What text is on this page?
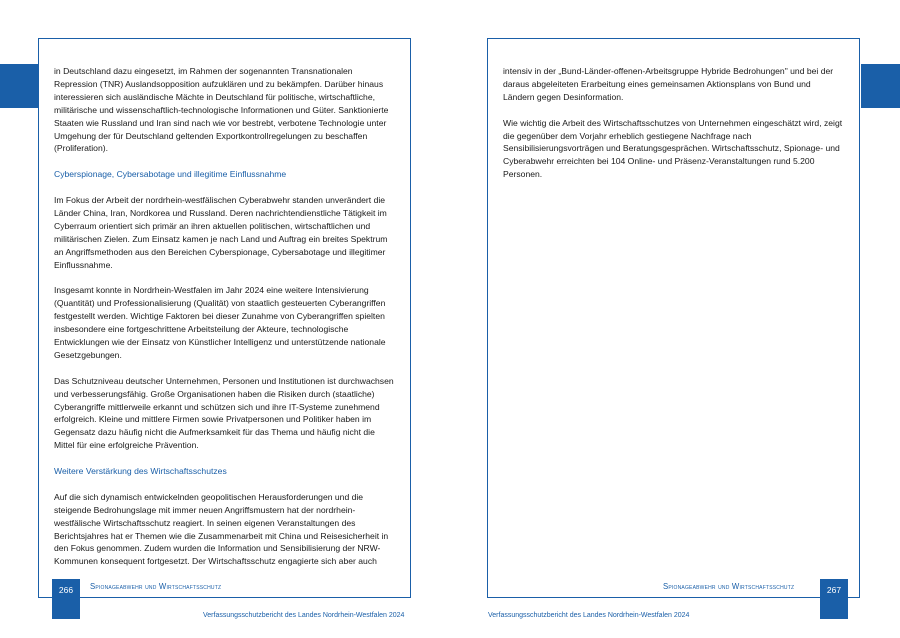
in Deutschland dazu eingesetzt, im Rahmen der sogenannten Transnationalen Repression (TNR) Auslandsopposition aufzuklären und zu bekämpfen. Darüber hinaus interessieren sich ausländische Mächte in Deutschland für politische, wirtschaftliche, militärische und wissenschaftlich-technologische Informationen und Güter. Sanktionierte Staaten wie Russland und Iran sind nach wie vor bestrebt, verbotene Technologie unter Umgehung der für Deutschland geltenden Exportkontrollregelungen zu beschaffen (Proliferation).

Cyberspionage, Cybersabotage und illegitime Einflussnahme

Im Fokus der Arbeit der nordrhein-westfälischen Cyberabwehr standen unverändert die Länder China, Iran, Nordkorea und Russland. Deren nachrichtendienstliche Tätigkeit im Cyberraum orientiert sich primär an ihren aktuellen politischen, wirtschaftlichen und militärischen Zielen. Zum Einsatz kamen je nach Land und Auftrag ein breites Spektrum an Angriffsmethoden aus den Bereichen Cyberspionage, Cybersabotage und illegitimer Einflussnahme.

Insgesamt konnte in Nordrhein-Westfalen im Jahr 2024 eine weitere Intensivierung (Quantität) und Professionalisierung (Qualität) von staatlich gesteuerten Cyberangriffen festgestellt werden. Wichtige Faktoren bei dieser Zunahme von Cyberangriffen spielten insbesondere eine fortgeschrittene Arbeitsteilung der Akteure, technologische Entwicklungen wie der Einsatz von Künstlicher Intelligenz und unterstützende nationale Gesetzgebungen.

Das Schutzniveau deutscher Unternehmen, Personen und Institutionen ist durchwachsen und verbesserungsfähig. Große Organisationen haben die Risiken durch (staatliche) Cyberangriffe mittlerweile erkannt und schützen sich und ihre IT-Systeme zunehmend erfolgreich. Kleine und mittlere Firmen sowie Privatpersonen und Politiker haben im Gegensatz dazu häufig nicht die Aufmerksamkeit für das Thema und häufig nicht die Mittel für eine erfolgreiche Prävention.

Weitere Verstärkung des Wirtschaftsschutzes

Auf die sich dynamisch entwickelnden geopolitischen Herausforderungen und die steigende Bedrohungslage mit immer neuen Angriffsmustern hat der nordrhein-westfälische Wirtschaftsschutz reagiert. In seinen eigenen Veranstaltungen des Berichtsjahres hat er Themen wie die Zusammenarbeit mit China und Reisesicherheit in den Fokus genommen. Zudem wurden die Information und Sensibilisierung der NRW-Kommunen konsequent fortgesetzt. Der Wirtschaftsschutz engagierte sich aber auch

266	Spionageabwehr und Wirtschaftsschutz
Verfassungsschutzbericht des Landes Nordrhein-Westfalen 2024

intensiv in der „Bund-Länder-offenen-Arbeitsgruppe Hybride Bedrohungen" und bei der daraus abgeleiteten Erarbeitung eines gemeinsamen Aktionsplans von Bund und Ländern gegen Desinformation.

Wie wichtig die Arbeit des Wirtschaftsschutzes von Unternehmen eingeschätzt wird, zeigt die gegenüber dem Vorjahr erheblich gestiegene Nachfrage nach Sensibilisierungsvorträgen und Beratungsgesprächen. Wirtschaftsschutz, Spionage- und Cyberabwehr erreichten bei 104 Online- und Präsenz-Veranstaltungen rund 5.200 Personen.

Spionageabwehr und Wirtschaftsschutz	267
Verfassungsschutzbericht des Landes Nordrhein-Westfalen 2024
